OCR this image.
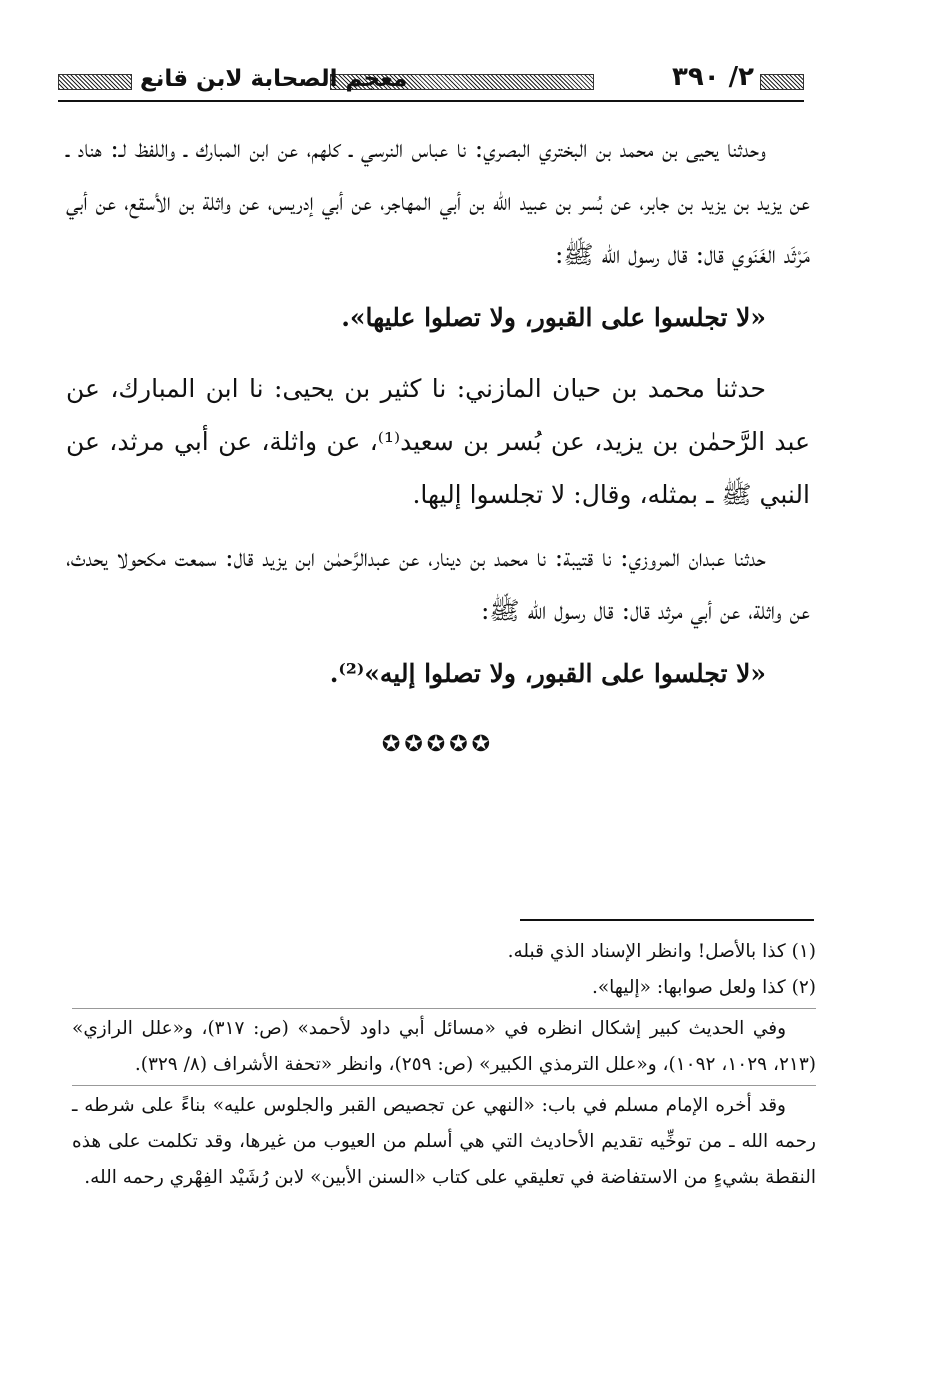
٢/ ٣٩٠
معجم الصحابة لابن قانع

وحدثنا يحيى بن محمد بن البختري البصري: نا عباس النرسي ـ كلهم، عن ابن المبارك ـ واللفظ لـ: هناد ـ عن يزيد بن يزيد بن جابر، عن بُسر بن عبيد الله بن أبي المهاجر، عن أبي إدريس، عن واثلة بن الأسقع، عن أبي مَرْثَد الغَنَوي قال: قال رسول الله ﷺ:

«لا تجلسوا على القبور، ولا تصلوا عليها».

حدثنا محمد بن حيان المازني: نا كثير بن يحيى: نا ابن المبارك، عن عبد الرَّحمٰن بن يزيد، عن بُسر بن سعيد⁽¹⁾، عن واثلة، عن أبي مرثد، عن النبي ﷺ ـ بمثله، وقال: لا تجلسوا إليها.

حدثنا عبدان المروزي: نا قتيبة: نا محمد بن دينار، عن عبدالرَّحمٰن ابن يزيد قال: سمعت مكحولا يحدث، عن واثلة، عن أبي مرثد قال: قال رسول الله ﷺ:

«لا تجلسوا على القبور، ولا تصلوا إليه»⁽²⁾.

✪✪✪✪✪

(١) كذا بالأصل! وانظر الإسناد الذي قبله.

(٢) كذا ولعل صوابها: «إليها».

وفي الحديث كبير إشكال انظره في «مسائل أبي داود لأحمد» (ص: ٣١٧)، و«علل الرازي» (٢١٣، ١٠٢٩، ١٠٩٢)، و«علل الترمذي الكبير» (ص: ٢٥٩)، وانظر «تحفة الأشراف (٨/ ٣٢٩).

وقد أخره الإمام مسلم في باب: «النهي عن تجصيص القبر والجلوس عليه» بناءً على شرطه ـ رحمه الله ـ من توخِّيه تقديم الأحاديث التي هي أسلم من العيوب من غيرها، وقد تكلمت على هذه النقطة بشيءٍ من الاستفاضة في تعليقي على كتاب «السنن الأبين» لابن رُشَيْد الفِهْري رحمه الله.
